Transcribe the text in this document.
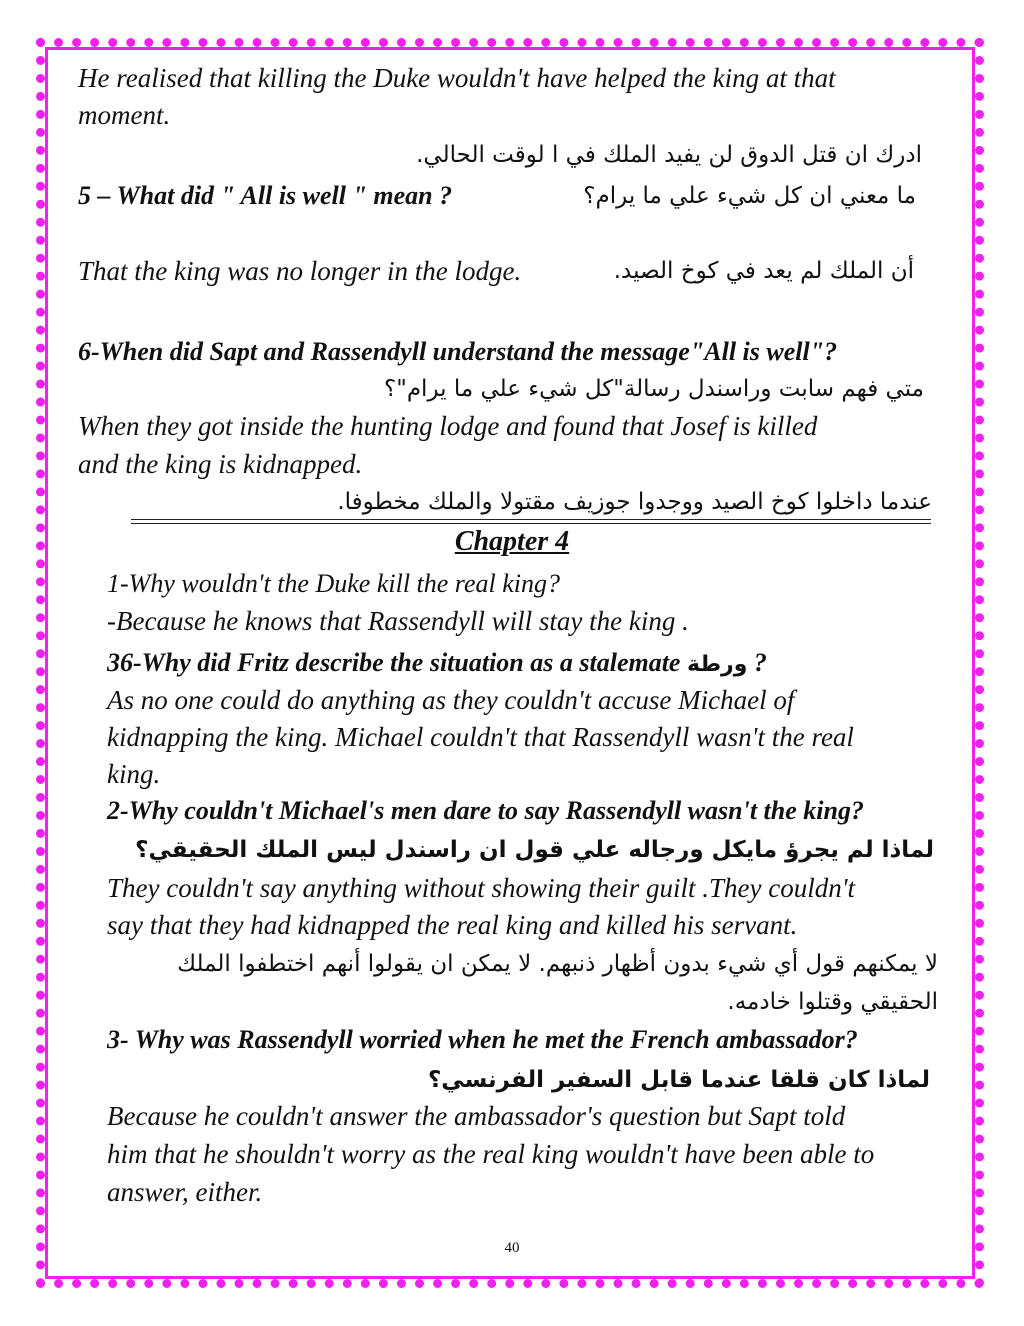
He realised that killing the Duke wouldn't have helped the king at that
moment.
ادرك ان قتل الدوق لن يفيد الملك في ا لوقت الحالي.
5 – What did " All is well " mean ?	ما معني ان كل شيء علي ما يرام؟
That the king was no longer in the lodge.	أن الملك لم يعد في كوخ الصيد.
6-When did Sapt and Rassendyll understand the message"All is well"?
متي فهم سابت وراسندل رسالة"كل شيء علي ما يرام"؟
When they got inside the hunting lodge and found that Josef is killed
and the king is kidnapped.
عندما داخلوا كوخ الصيد ووجدوا جوزيف مقتولا والملك مخطوفا.
Chapter 4
1-Why wouldn't the Duke kill the real king?
-Because he knows that Rassendyll will stay the king .
36-Why did Fritz describe the situation as a stalemate ورطة ?
As no one could do anything as they couldn't accuse Michael of
kidnapping the king. Michael couldn't that Rassendyll wasn't the real
king.
2-Why couldn't Michael's men dare to say Rassendyll wasn't the king?
لماذا لم يجرؤ مايكل ورجاله علي قول ان راسندل ليس الملك الحقيقي؟
They couldn't say anything without showing their guilt .They couldn't
say that they had kidnapped the real king and killed his servant.
لا يمكنهم قول أي شيء بدون أظهار ذنبهم. لا يمكن ان يقولوا أنهم اختطفوا الملك
الحقيقي وقتلوا خادمه.
3- Why was Rassendyll worried when he met the French ambassador?
لماذا كان قلقا عندما قابل السفير الفرنسي؟
Because he couldn't answer the ambassador's question but Sapt told
him that he shouldn't worry as the real king wouldn't have been able to
answer, either.
40
